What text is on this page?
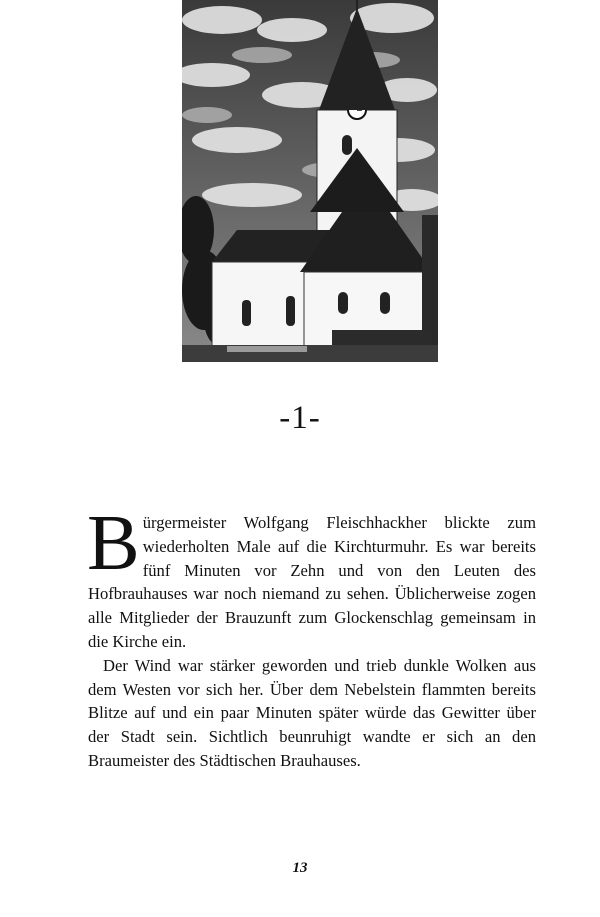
-1-

Bürgermeister Wolfgang Fleischhackher blickte zum wiederholten Male auf die Kirchturmuhr. Es war bereits fünf Minuten vor Zehn und von den Leuten des Hofbrauhauses war noch niemand zu sehen. Üblicherweise zogen alle Mitglieder der Brauzunft zum Glockenschlag gemeinsam in die Kirche ein.

Der Wind war stärker geworden und trieb dunkle Wolken aus dem Westen vor sich her. Über dem Nebelstein flammten bereits Blitze auf und ein paar Minuten später würde das Gewitter über der Stadt sein. Sichtlich beunruhigt wandte er sich an den Braumeister des Städtischen Brauhauses.

13
